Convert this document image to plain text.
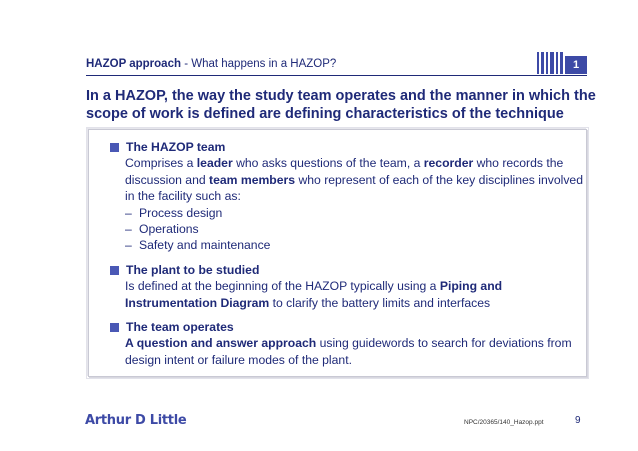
HAZOP approach - What happens in a HAZOP?	1
In a HAZOP, the way the study team operates and the manner in which the scope of work is defined are defining characteristics of the technique
The HAZOP team
Comprises a leader who asks questions of the team, a recorder who records the discussion and team members who represent of each of the key disciplines involved in the facility such as:
– Process design
– Operations
– Safety and maintenance
The plant to be studied
Is defined at the beginning of the HAZOP typically using a Piping and Instrumentation Diagram to clarify the battery limits and interfaces
The team operates
A question and answer approach using guidewords to search for deviations from design intent or failure modes of the plant.
Arthur D Little	NPC/20365/140_Hazop.ppt	9
